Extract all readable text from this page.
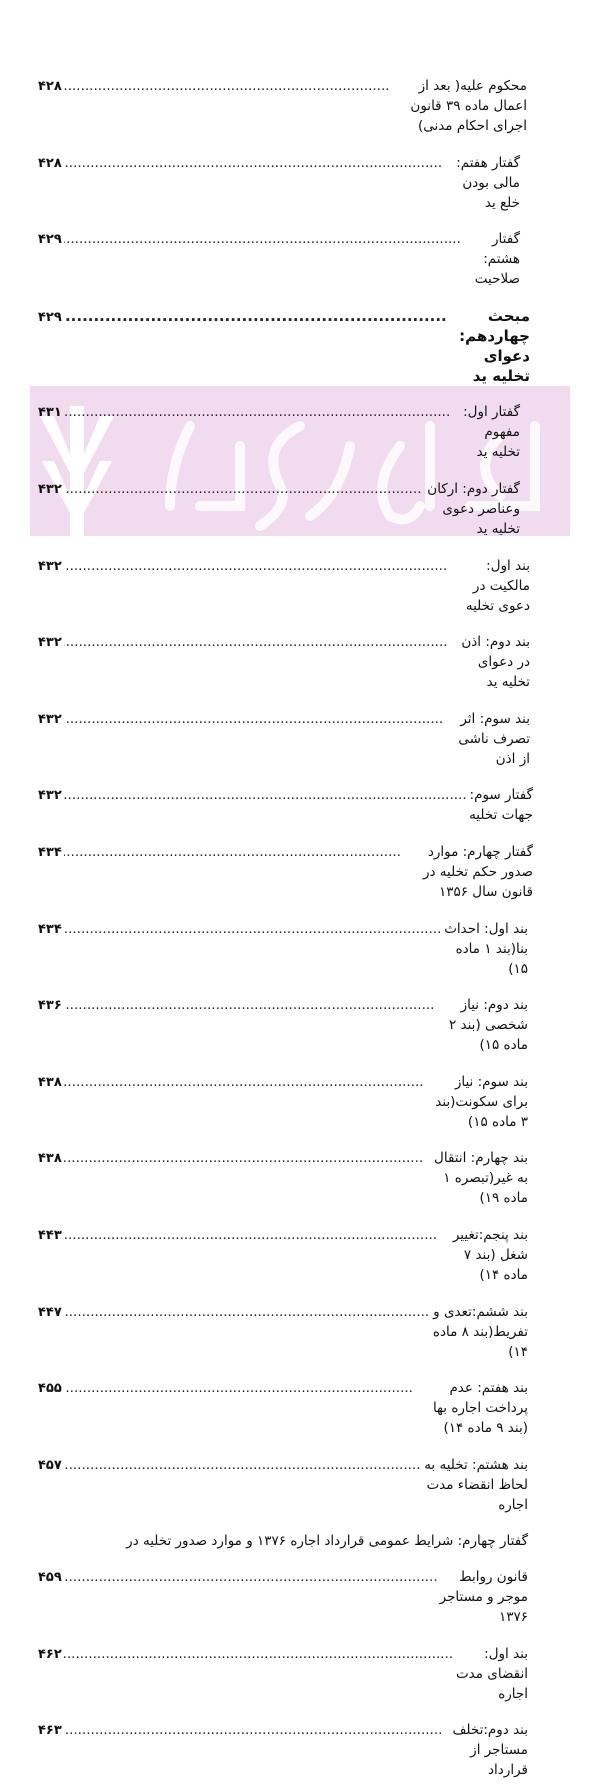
محکوم علیه( بعد از اعمال ماده ۳۹ قانون اجرای احکام مدنی)
.....
۴۲۸
گفتار هفتم: مالی بودن خلع ید
.....
۴۲۸
گفتار هشتم: صلاحیت
.....
۴۲۹
مبحث چهاردهم: دعوای تخلیه ید
.....
۴۲۹
گفتار اول: مفهوم تخلیه ید
.....
۴۳۱
گفتار دوم: ارکان وعناصر دعوی تخلیه ید
.....
۴۳۲
بند اول: مالکیت در دعوی تخلیه
.....
۴۳۲
بند دوم: اذن در دعوای تخلیه ید
.....
۴۳۲
بند سوم: اثر تصرف ناشی از اذن
.....
۴۳۲
گفتار سوم: جهات تخلیه
.....
۴۳۲
گفتار چهارم: موارد صدور حکم تخلیه در قانون سال ۱۳۵۶
.....
۴۳۴
بند اول: احداث بنا(بند ۱ ماده ۱۵)
.....
۴۳۴
بند دوم: نیاز شخصی (بند ۲ ماده ۱۵)
.....
۴۳۶
بند سوم: نیاز برای سکونت(بند ۳ ماده ۱۵)
.....
۴۳۸
بند چهارم: انتقال به غیر(تبصره ۱ ماده ۱۹)
.....
۴۳۸
بند پنجم:تغییر شغل (بند ۷ ماده ۱۴)
.....
۴۴۳
بند ششم:تعدی و تفریط(بند ۸ ماده ۱۴)
.....
۴۴۷
بند هفتم: عدم پرداخت اجاره بها (بند ۹ ماده ۱۴)
.....
۴۵۵
بند هشتم: تخلیه به لحاظ انقضاء مدت اجاره
.....
۴۵۷
گفتار چهارم: شرایط عمومی قرارداد اجاره ۱۳۷۶ و موارد صدور تخلیه در
قانون روابط موجر و مستاجر ۱۳۷۶
.....
۴۵۹
بند اول: انقضای مدت اجاره
.....
۴۶۲
بند دوم:تخلف مستاجر از قرارداد
.....
۴۶۳
